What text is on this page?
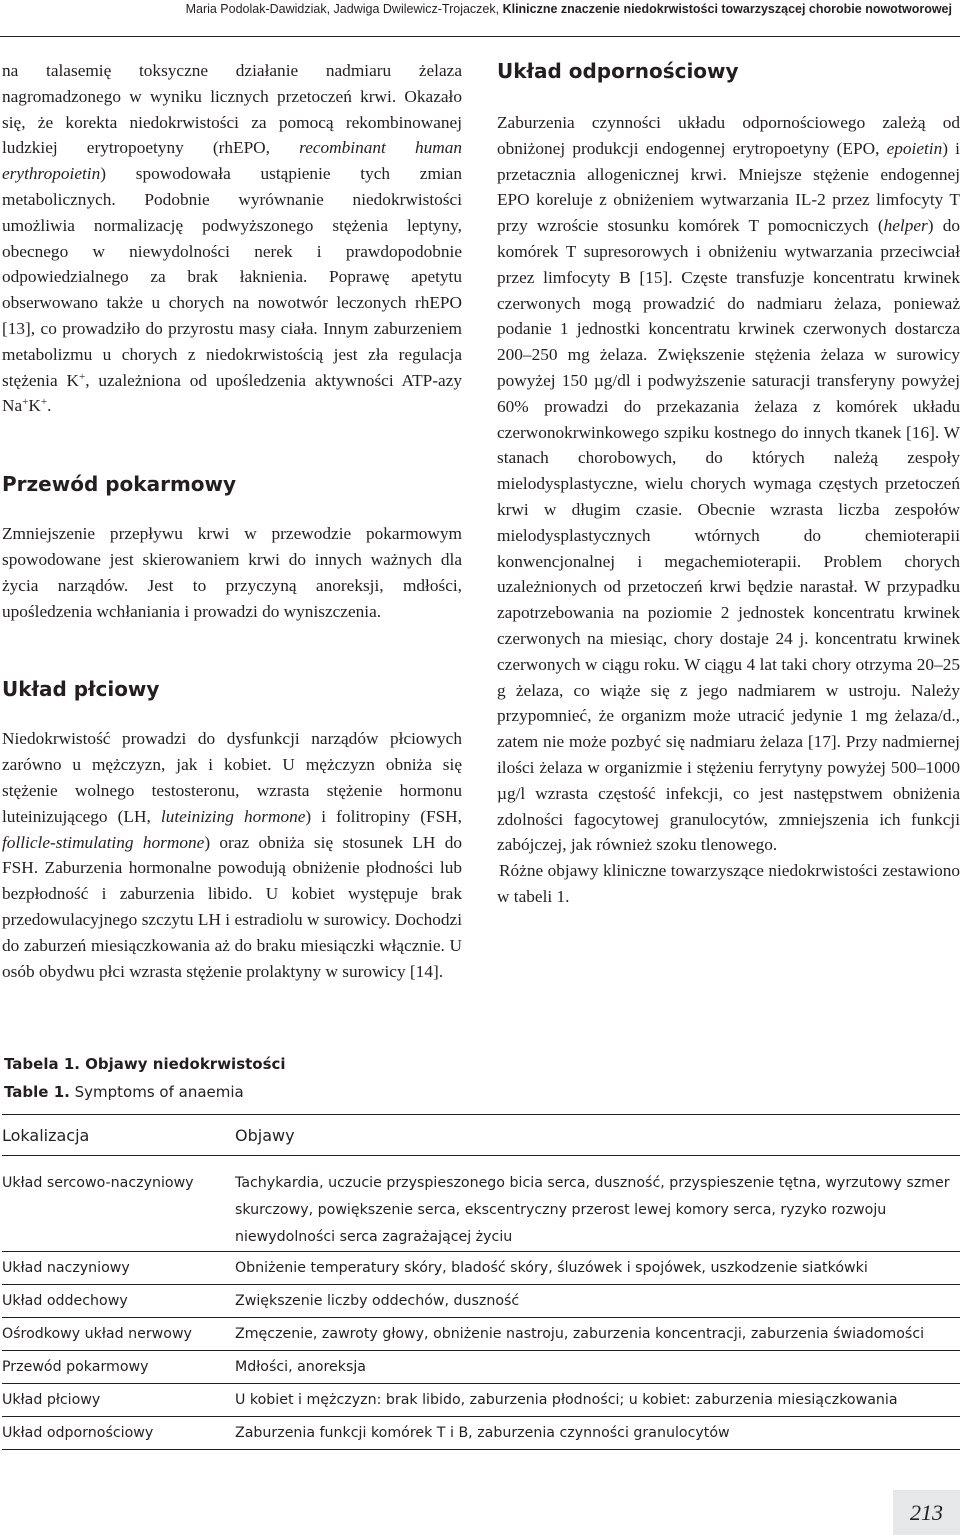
Maria Podolak-Dawidziak, Jadwiga Dwilewicz-Trojaczek, Kliniczne znaczenie niedokrwistości towarzyszącej chorobie nowotworowej

na talasemię toksyczne działanie nadmiaru żelaza nagromadzonego w wyniku licznych przetoczeń krwi. Okazało się, że korekta niedokrwistości za pomocą rekombinowanej ludzkiej erytropoetyny (rhEPO, recombinant human erythropoietin) spowodowała ustąpienie tych zmian metabolicznych. Podobnie wyrównanie niedokrwistości umożliwia normalizację podwyższonego stężenia leptyny, obecnego w niewydolności nerek i prawdopodobnie odpowiedzialnego za brak łaknienia. Poprawę apetytu obserwowano także u chorych na nowotwór leczonych rhEPO [13], co prowadziło do przyrostu masy ciała. Innym zaburzeniem metabolizmu u chorych z niedokrwistością jest zła regulacja stężenia K+, uzależniona od upośledzenia aktywności ATP-azy Na+K+.

Przewód pokarmowy

Zmniejszenie przepływu krwi w przewodzie pokarmowym spowodowane jest skierowaniem krwi do innych ważnych dla życia narządów. Jest to przyczyną anoreksji, mdłości, upośledzenia wchłaniania i prowadzi do wyniszczenia.

Układ płciowy

Niedokrwistość prowadzi do dysfunkcji narządów płciowych zarówno u mężczyzn, jak i kobiet. U mężczyzn obniża się stężenie wolnego testosteronu, wzrasta stężenie hormonu luteinizującego (LH, luteinizing hormone) i folitropiny (FSH, follicle-stimulating hormone) oraz obniża się stosunek LH do FSH. Zaburzenia hormonalne powodują obniżenie płodności lub bezpłodność i zaburzenia libido. U kobiet występuje brak przedowulacyjnego szczytu LH i estradiolu w surowicy. Dochodzi do zaburzeń miesiączkowania aż do braku miesiączki włącznie. U osób obydwu płci wzrasta stężenie prolaktyny w surowicy [14].

Układ odpornościowy

Zaburzenia czynności układu odpornościowego zależą od obniżonej produkcji endogennej erytropoetyny (EPO, epoietin) i przetacznia allogenicznej krwi. Mniejsze stężenie endogennej EPO koreluje z obniżeniem wytwarzania IL-2 przez limfocyty T przy wzroście stosunku komórek T pomocniczych (helper) do komórek T supresorowych i obniżeniu wytwarzania przeciwciał przez limfocyty B [15]. Częste transfuzje koncentratu krwinek czerwonych mogą prowadzić do nadmiaru żelaza, ponieważ podanie 1 jednostki koncentratu krwinek czerwonych dostarcza 200–250 mg żelaza. Zwiększenie stężenia żelaza w surowicy powyżej 150 µg/dl i podwyższenie saturacji transferyny powyżej 60% prowadzi do przekazania żelaza z komórek układu czerwonokrwinkowego szpiku kostnego do innych tkanek [16]. W stanach chorobowych, do których należą zespoły mielodysplastyczne, wielu chorych wymaga częstych przetoczeń krwi w długim czasie. Obecnie wzrasta liczba zespołów mielodysplastycznych wtórnych do chemioterapii konwencjonalnej i megachemioterapii. Problem chorych uzależnionych od przetoczeń krwi będzie narastał. W przypadku zapotrzebowania na poziomie 2 jednostek koncentratu krwinek czerwonych na miesiąc, chory dostaje 24 j. koncentratu krwinek czerwonych w ciągu roku. W ciągu 4 lat taki chory otrzyma 20–25 g żelaza, co wiąże się z jego nadmiarem w ustroju. Należy przypomnieć, że organizm może utracić jedynie 1 mg żelaza/d., zatem nie może pozbyć się nadmiaru żelaza [17]. Przy nadmiernej ilości żelaza w organizmie i stężeniu ferrytyny powyżej 500–1000 µg/l wzrasta częstość infekcji, co jest następstwem obniżenia zdolności fagocytowej granulocytów, zmniejszenia ich funkcji zabójczej, jak również szoku tlenowego.

Różne objawy kliniczne towarzyszące niedokrwistości zestawiono w tabeli 1.

Tabela 1. Objawy niedokrwistości
Table 1. Symptoms of anaemia
Lokalizacja	Objawy
Układ sercowo-naczyniowy	Tachykardia, uczucie przyspieszonego bicia serca, duszność, przyspieszenie tętna, wyrzutowy szmer skurczowy, powiększenie serca, ekscentryczny przerost lewej komory serca, ryzyko rozwoju niewydolności serca zagrażającej życiu
Układ naczyniowy	Obniżenie temperatury skóry, bladość skóry, śluzówek i spojówek, uszkodzenie siatkówki
Układ oddechowy	Zwiększenie liczby oddechów, duszność
Ośrodkowy układ nerwowy	Zmęczenie, zawroty głowy, obniżenie nastroju, zaburzenia koncentracji, zaburzenia świadomości
Przewód pokarmowy	Mdłości, anoreksja
Układ płciowy	U kobiet i mężczyzn: brak libido, zaburzenia płodności; u kobiet: zaburzenia miesiączkowania
Układ odpornościowy	Zaburzenia funkcji komórek T i B, zaburzenia czynności granulocytów
213
